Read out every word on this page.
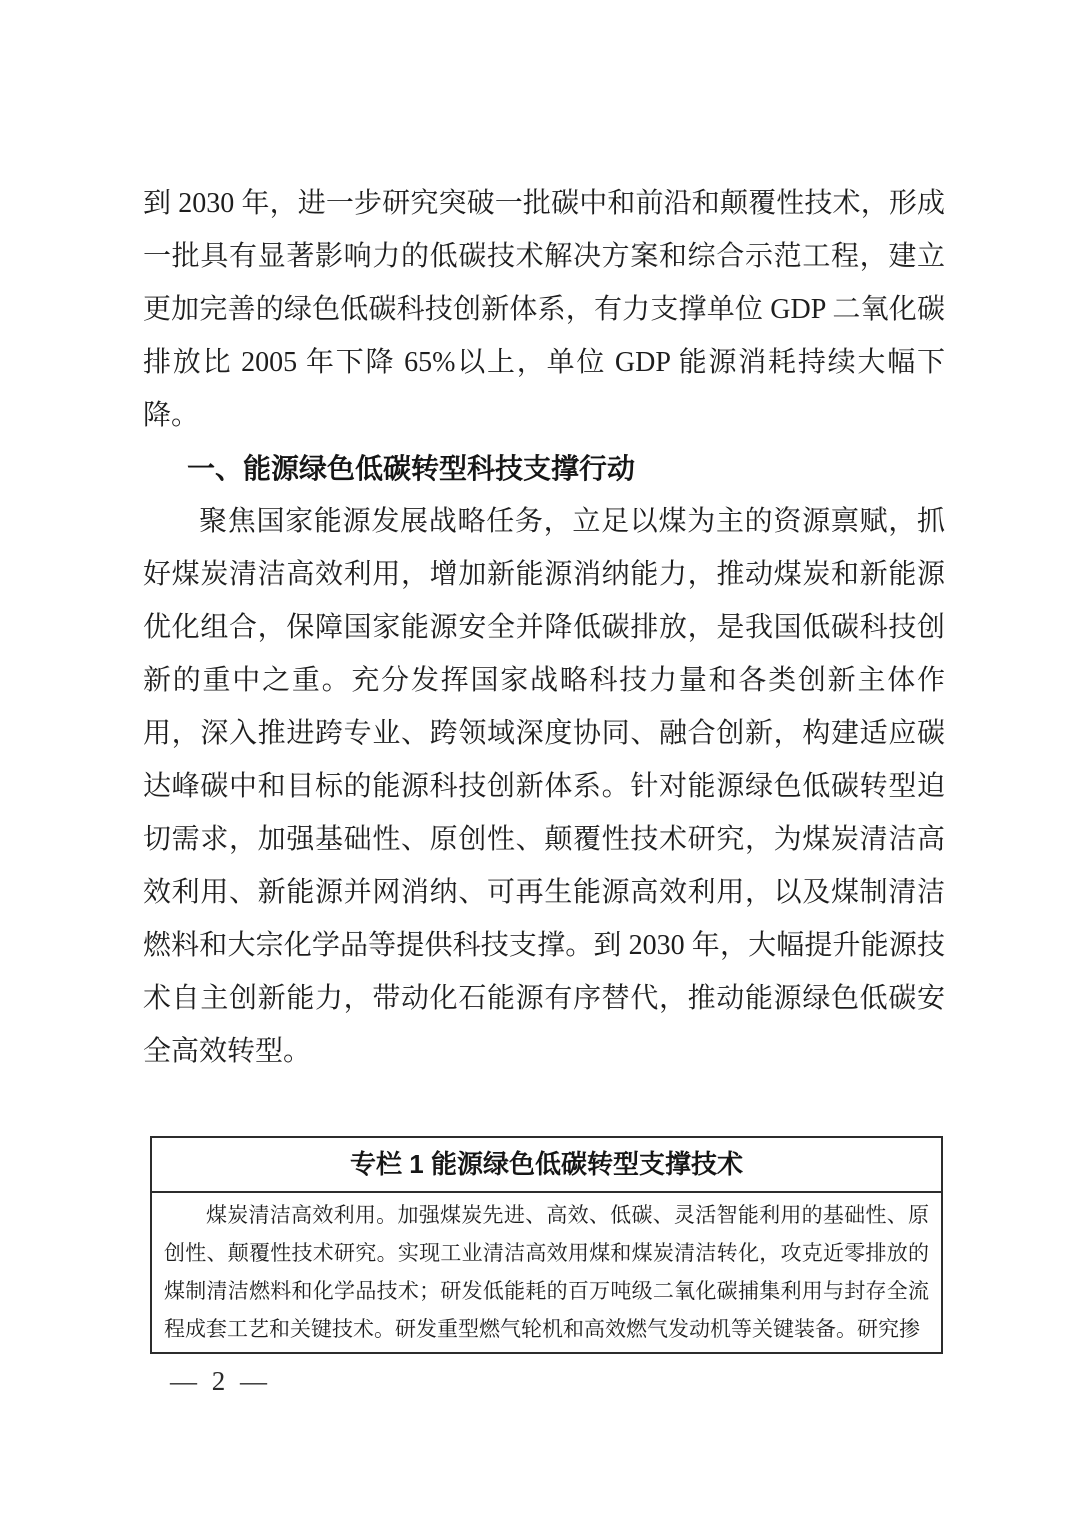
到 2030 年，进一步研究突破一批碳中和前沿和颠覆性技术，形成一批具有显著影响力的低碳技术解决方案和综合示范工程，建立更加完善的绿色低碳科技创新体系，有力支撑单位 GDP 二氧化碳排放比 2005 年下降 65%以上，单位 GDP 能源消耗持续大幅下降。

一、能源绿色低碳转型科技支撑行动

聚焦国家能源发展战略任务，立足以煤为主的资源禀赋，抓好煤炭清洁高效利用，增加新能源消纳能力，推动煤炭和新能源优化组合，保障国家能源安全并降低碳排放，是我国低碳科技创新的重中之重。充分发挥国家战略科技力量和各类创新主体作用，深入推进跨专业、跨领域深度协同、融合创新，构建适应碳达峰碳中和目标的能源科技创新体系。针对能源绿色低碳转型迫切需求，加强基础性、原创性、颠覆性技术研究，为煤炭清洁高效利用、新能源并网消纳、可再生能源高效利用，以及煤制清洁燃料和大宗化学品等提供科技支撑。到 2030 年，大幅提升能源技术自主创新能力，带动化石能源有序替代，推动能源绿色低碳安全高效转型。

专栏 1 能源绿色低碳转型支撑技术
煤炭清洁高效利用。加强煤炭先进、高效、低碳、灵活智能利用的基础性、原创性、颠覆性技术研究。实现工业清洁高效用煤和煤炭清洁转化，攻克近零排放的煤制清洁燃料和化学品技术；研发低能耗的百万吨级二氧化碳捕集利用与封存全流程成套工艺和关键技术。研发重型燃气轮机和高效燃气发动机等关键装备。研究掺
— 2 —
